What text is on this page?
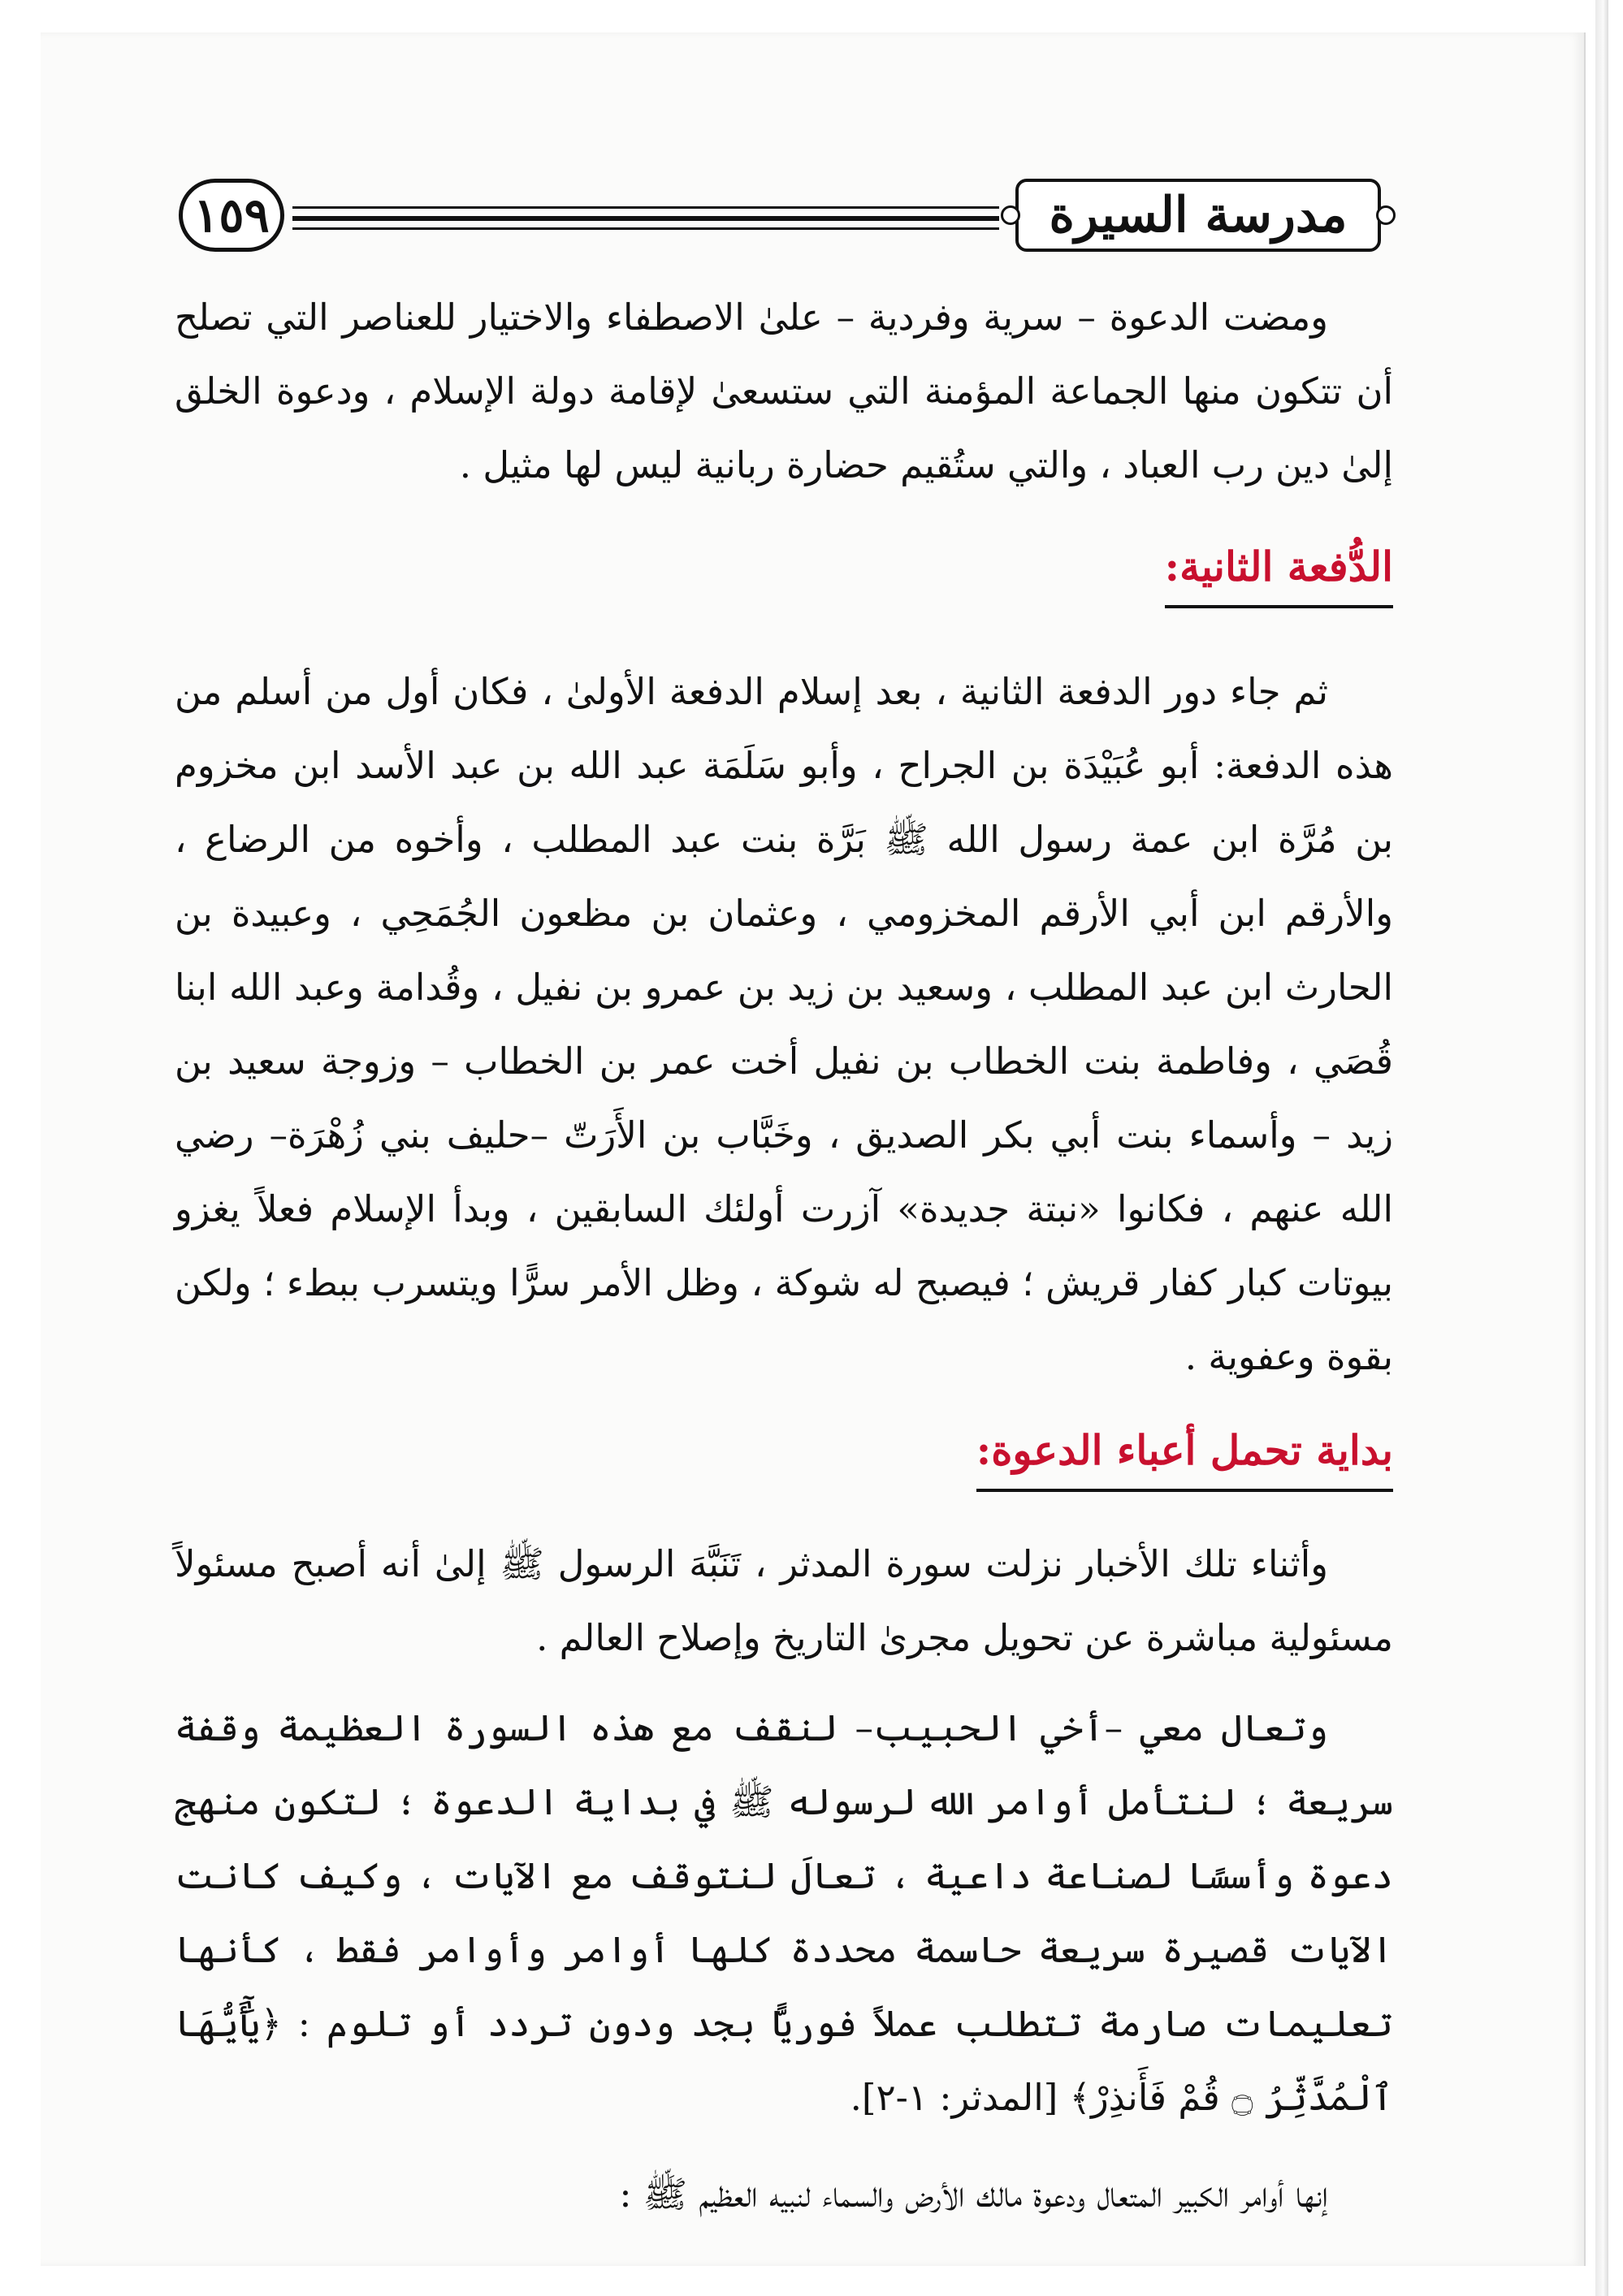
١٥٩	مدرسة السيرة

ومضت الدعوة – سرية وفردية – علىٰ الاصطفاء والاختيار للعناصر التي تصلح أن تتكون منها الجماعة المؤمنة التي ستسعىٰ لإقامة دولة الإسلام ، ودعوة الخلق إلىٰ دين رب العباد ، والتي ستُقيم حضارة ربانية ليس لها مثيل .

الدُّفعة الثانية:

ثم جاء دور الدفعة الثانية ، بعد إسلام الدفعة الأولىٰ ، فكان أول من أسلم من هذه الدفعة: أبو عُبَيْدَة بن الجراح ، وأبو سَلَمَة عبد الله بن عبد الأسد ابن مخزوم بن مُرَّة ابن عمة رسول الله ﷺ بَرَّة بنت عبد المطلب ، وأخوه من الرضاع ، والأرقم ابن أبي الأرقم المخزومي ، وعثمان بن مظعون الجُمَحِي ، وعبيدة بن الحارث ابن عبد المطلب ، وسعيد بن زيد بن عمرو بن نفيل ، وقُدامة وعبد الله ابنا قُصَي ، وفاطمة بنت الخطاب بن نفيل أخت عمر بن الخطاب – وزوجة سعيد بن زيد – وأسماء بنت أبي بكر الصديق ، وخَبَّاب بن الأَرَتّ –حليف بني زُهْرَة– رضي الله عنهم ، فكانوا «نبتة جديدة» آزرت أولئك السابقين ، وبدأ الإسلام فعلاً يغزو بيوتات كبار كفار قريش ؛ فيصبح له شوكة ، وظل الأمر سرًّا ويتسرب ببطء ؛ ولكن بقوة وعفوية .

بداية تحمل أعباء الدعوة:

وأثناء تلك الأخبار نزلت سورة المدثر ، تَنَبَّهَ الرسول ﷺ إلىٰ أنه أصبح مسئولاً مسئولية مباشرة عن تحويل مجرىٰ التاريخ وإصلاح العالم .

وتعال معي –أخي الحبيب– لنقف مع هذه السورة العظيمة وقفة سريعة ؛ لنتأمل أوامر الله لرسوله ﷺ في بداية الدعوة ؛ لتكون منهج دعوة وأسسًا لصناعة داعية ، تعالَ لنتوقف مع الآيات ، وكيف كانت الآيات قصيرة سريعة حاسمة محددة كلها أوامر وأوامر فقط ، كأنها تعليمات صارمة تتطلب عملاً فوريًّا بجد ودون تردد أو تلوم : ﴿يَٰٓأَيُّهَا ٱلْمُدَّثِّرُ ۝ قُمْ فَأَنذِرْ﴾ [المدثر: ١-٢].

إنها أوامر الكبير المتعال ودعوة مالك الأرض والسماء لنبيه العظيم ﷺ :
